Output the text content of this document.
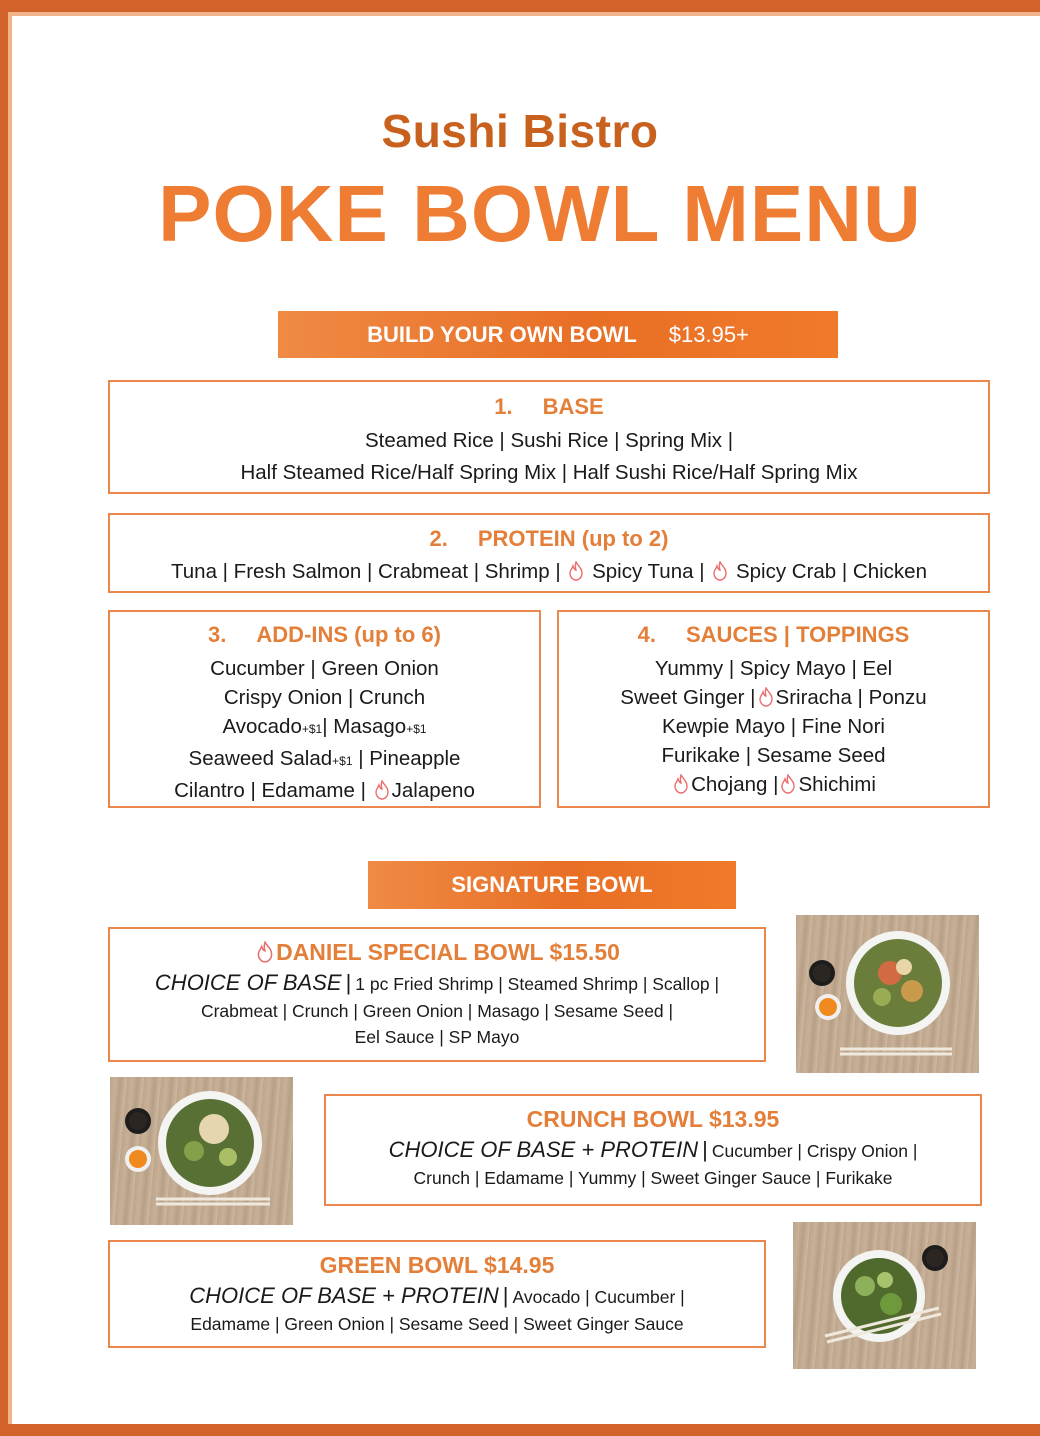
Sushi Bistro
POKE BOWL MENU
BUILD YOUR OWN BOWL $13.95+
1. BASE
Steamed Rice | Sushi Rice | Spring Mix |
Half Steamed Rice/Half Spring Mix | Half Sushi Rice/Half Spring Mix
2. PROTEIN (up to 2)
Tuna | Fresh Salmon | Crabmeat | Shrimp | Spicy Tuna | Spicy Crab | Chicken
3. ADD-INS (up to 6)
Cucumber | Green Onion
Crispy Onion | Crunch
Avocado+$1| Masago+$1
Seaweed Salad+$1 | Pineapple
Cilantro | Edamame | Jalapeno
4. SAUCES | TOPPINGS
Yummy | Spicy Mayo | Eel
Sweet Ginger | Sriracha | Ponzu
Kewpie Mayo | Fine Nori
Furikake | Sesame Seed
Chojang | Shichimi
SIGNATURE BOWL
DANIEL SPECIAL BOWL $15.50
CHOICE OF BASE | 1 pc Fried Shrimp | Steamed Shrimp | Scallop |
Crabmeat | Crunch | Green Onion | Masago | Sesame Seed |
Eel Sauce | SP Mayo
CRUNCH BOWL $13.95
CHOICE OF BASE + PROTEIN | Cucumber | Crispy Onion |
Crunch | Edamame | Yummy | Sweet Ginger Sauce | Furikake
GREEN BOWL $14.95
CHOICE OF BASE + PROTEIN | Avocado | Cucumber |
Edamame | Green Onion | Sesame Seed | Sweet Ginger Sauce
